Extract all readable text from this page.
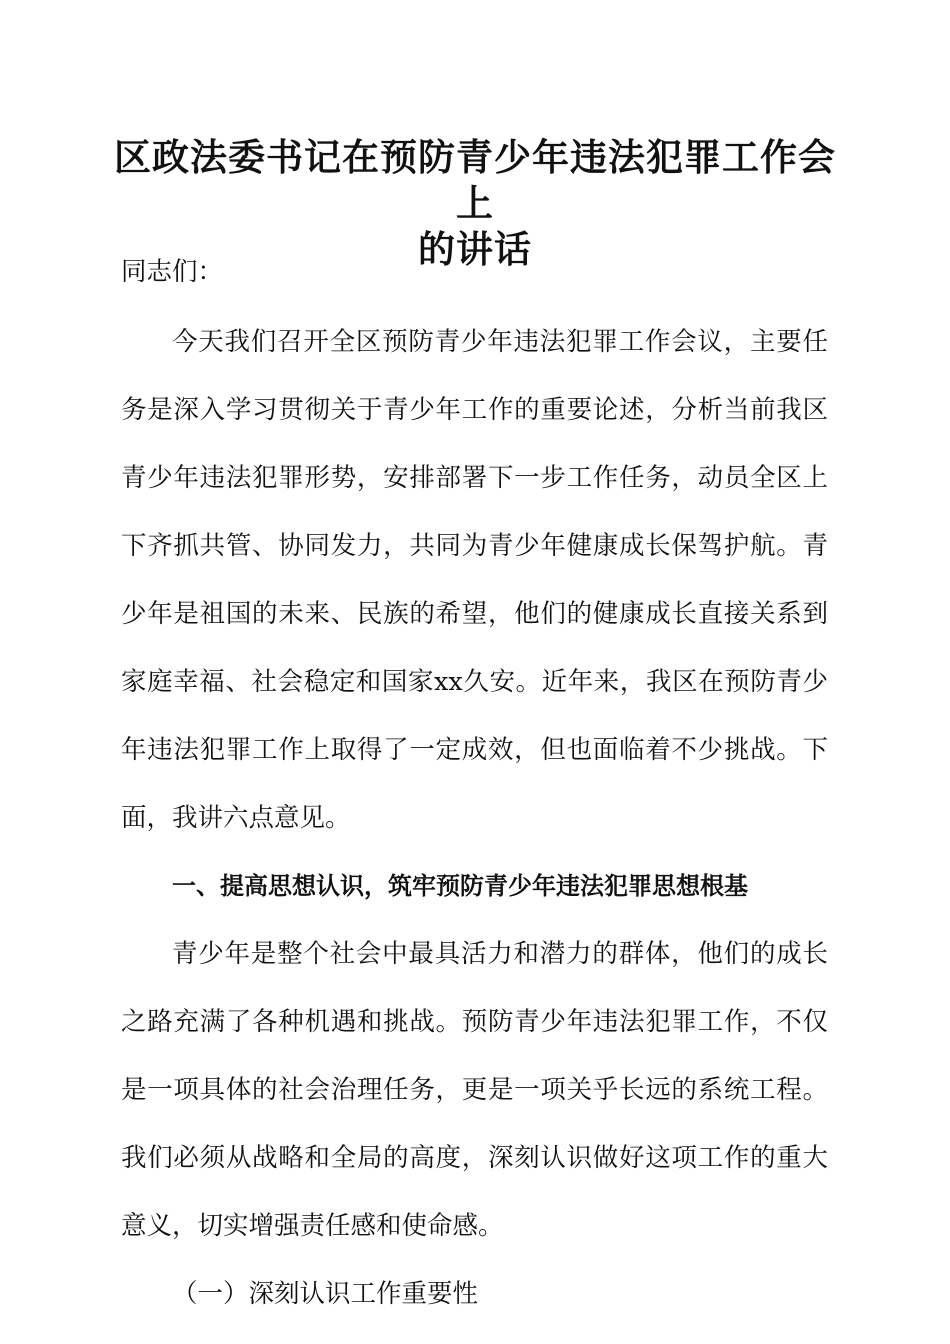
区政法委书记在预防青少年违法犯罪工作会上
的讲话
同志们：
今天我们召开全区预防青少年违法犯罪工作会议，主要任
务是深入学习贯彻关于青少年工作的重要论述，分析当前我区
青少年违法犯罪形势，安排部署下一步工作任务，动员全区上
下齐抓共管、协同发力，共同为青少年健康成长保驾护航。青
少年是祖国的未来、民族的希望，他们的健康成长直接关系到
家庭幸福、社会稳定和国家xx久安。近年来，我区在预防青少
年违法犯罪工作上取得了一定成效，但也面临着不少挑战。下
面，我讲六点意见。
一、提高思想认识，筑牢预防青少年违法犯罪思想根基
青少年是整个社会中最具活力和潜力的群体，他们的成长
之路充满了各种机遇和挑战。预防青少年违法犯罪工作，不仅
是一项具体的社会治理任务，更是一项关乎长远的系统工程。
我们必须从战略和全局的高度，深刻认识做好这项工作的重大
意义，切实增强责任感和使命感。
（一）深刻认识工作重要性
